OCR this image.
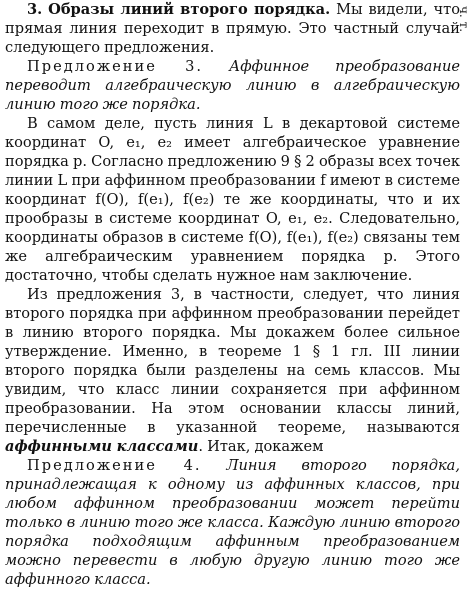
3. Образы линий второго порядка. Мы видели, что прямая линия переходит в прямую. Это частный случай следующего предложения.

Предложение 3. Аффинное преобразование переводит алгебраическую линию в алгебраическую линию того же порядка.

В самом деле, пусть линия L в декартовой системе координат O, e₁, e₂ имеет алгебраическое уравнение порядка p. Согласно предложению 9 § 2 образы всех точек линии L при аффинном преобразовании f имеют в системе координат f(O), f(e₁), f(e₂) те же координаты, что и их прообразы в системе координат O, e₁, e₂. Следовательно, координаты образов в системе f(O), f(e₁), f(e₂) связаны тем же алгебраическим уравнением порядка p. Этого достаточно, чтобы сделать нужное нам заключение.

Из предложения 3, в частности, следует, что линия второго порядка при аффинном преобразовании перейдет в линию второго порядка. Мы докажем более сильное утверждение. Именно, в теореме 1 § 1 гл. III линии второго порядка были разделены на семь классов. Мы увидим, что класс линии сохраняется при аффинном преобразовании. На этом основании классы линий, перечисленные в указанной теореме, называются аффинными классами. Итак, докажем

Предложение 4. Линия второго порядка, принадлежащая к одному из аффинных классов, при любом аффинном преобразовании может перейти только в линию того же класса. Каждую линию второго порядка подходящим аффинным преобразованием можно перевести в любую другую линию того же аффинного класса.

ч. т.
